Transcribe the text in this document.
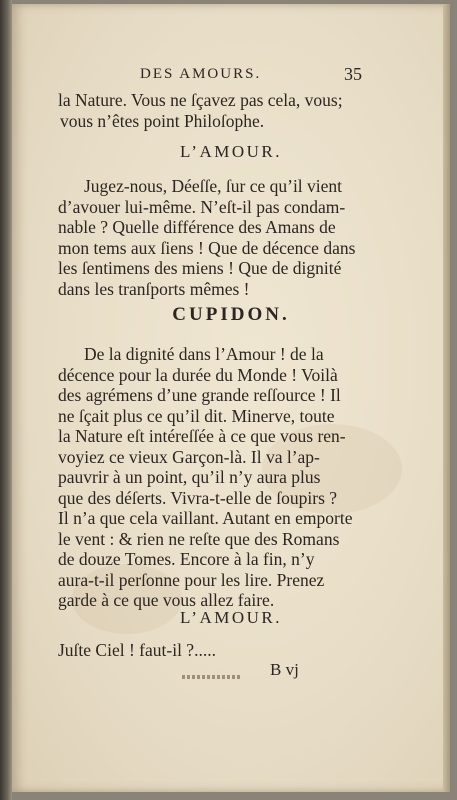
DES AMOURS.	35
la Nature. Vous ne ſçavez pas cela, vous;
vous n’êtes point Philoſophe.
L’AMOUR.
Jugez-nous, Déeſſe, ſur ce qu’il vient
d’avouer lui-même. N’eſt-il pas condam-
nable ? Quelle différence des Amans de
mon tems aux ſiens ! Que de décence dans
les ſentimens des miens ! Que de dignité
dans les tranſports mêmes !
CUPIDON.
De la dignité dans l’Amour ! de la
décence pour la durée du Monde ! Voilà
des agrémens d’une grande reſſource ! Il
ne ſçait plus ce qu’il dit. Minerve, toute
la Nature eſt intéreſſée à ce que vous ren-
voyiez ce vieux Garçon-là. Il va l’ap-
pauvrir à un point, qu’il n’y aura plus
que des déſerts. Vivra-t-elle de ſoupirs ?
Il n’a que cela vaillant. Autant en emporte
le vent : & rien ne reſte que des Romans
de douze Tomes. Encore à la fin, n’y
aura-t-il perſonne pour les lire. Prenez
garde à ce que vous allez faire.
L’AMOUR.
Juſte Ciel ! faut-il ?.....
B vj
